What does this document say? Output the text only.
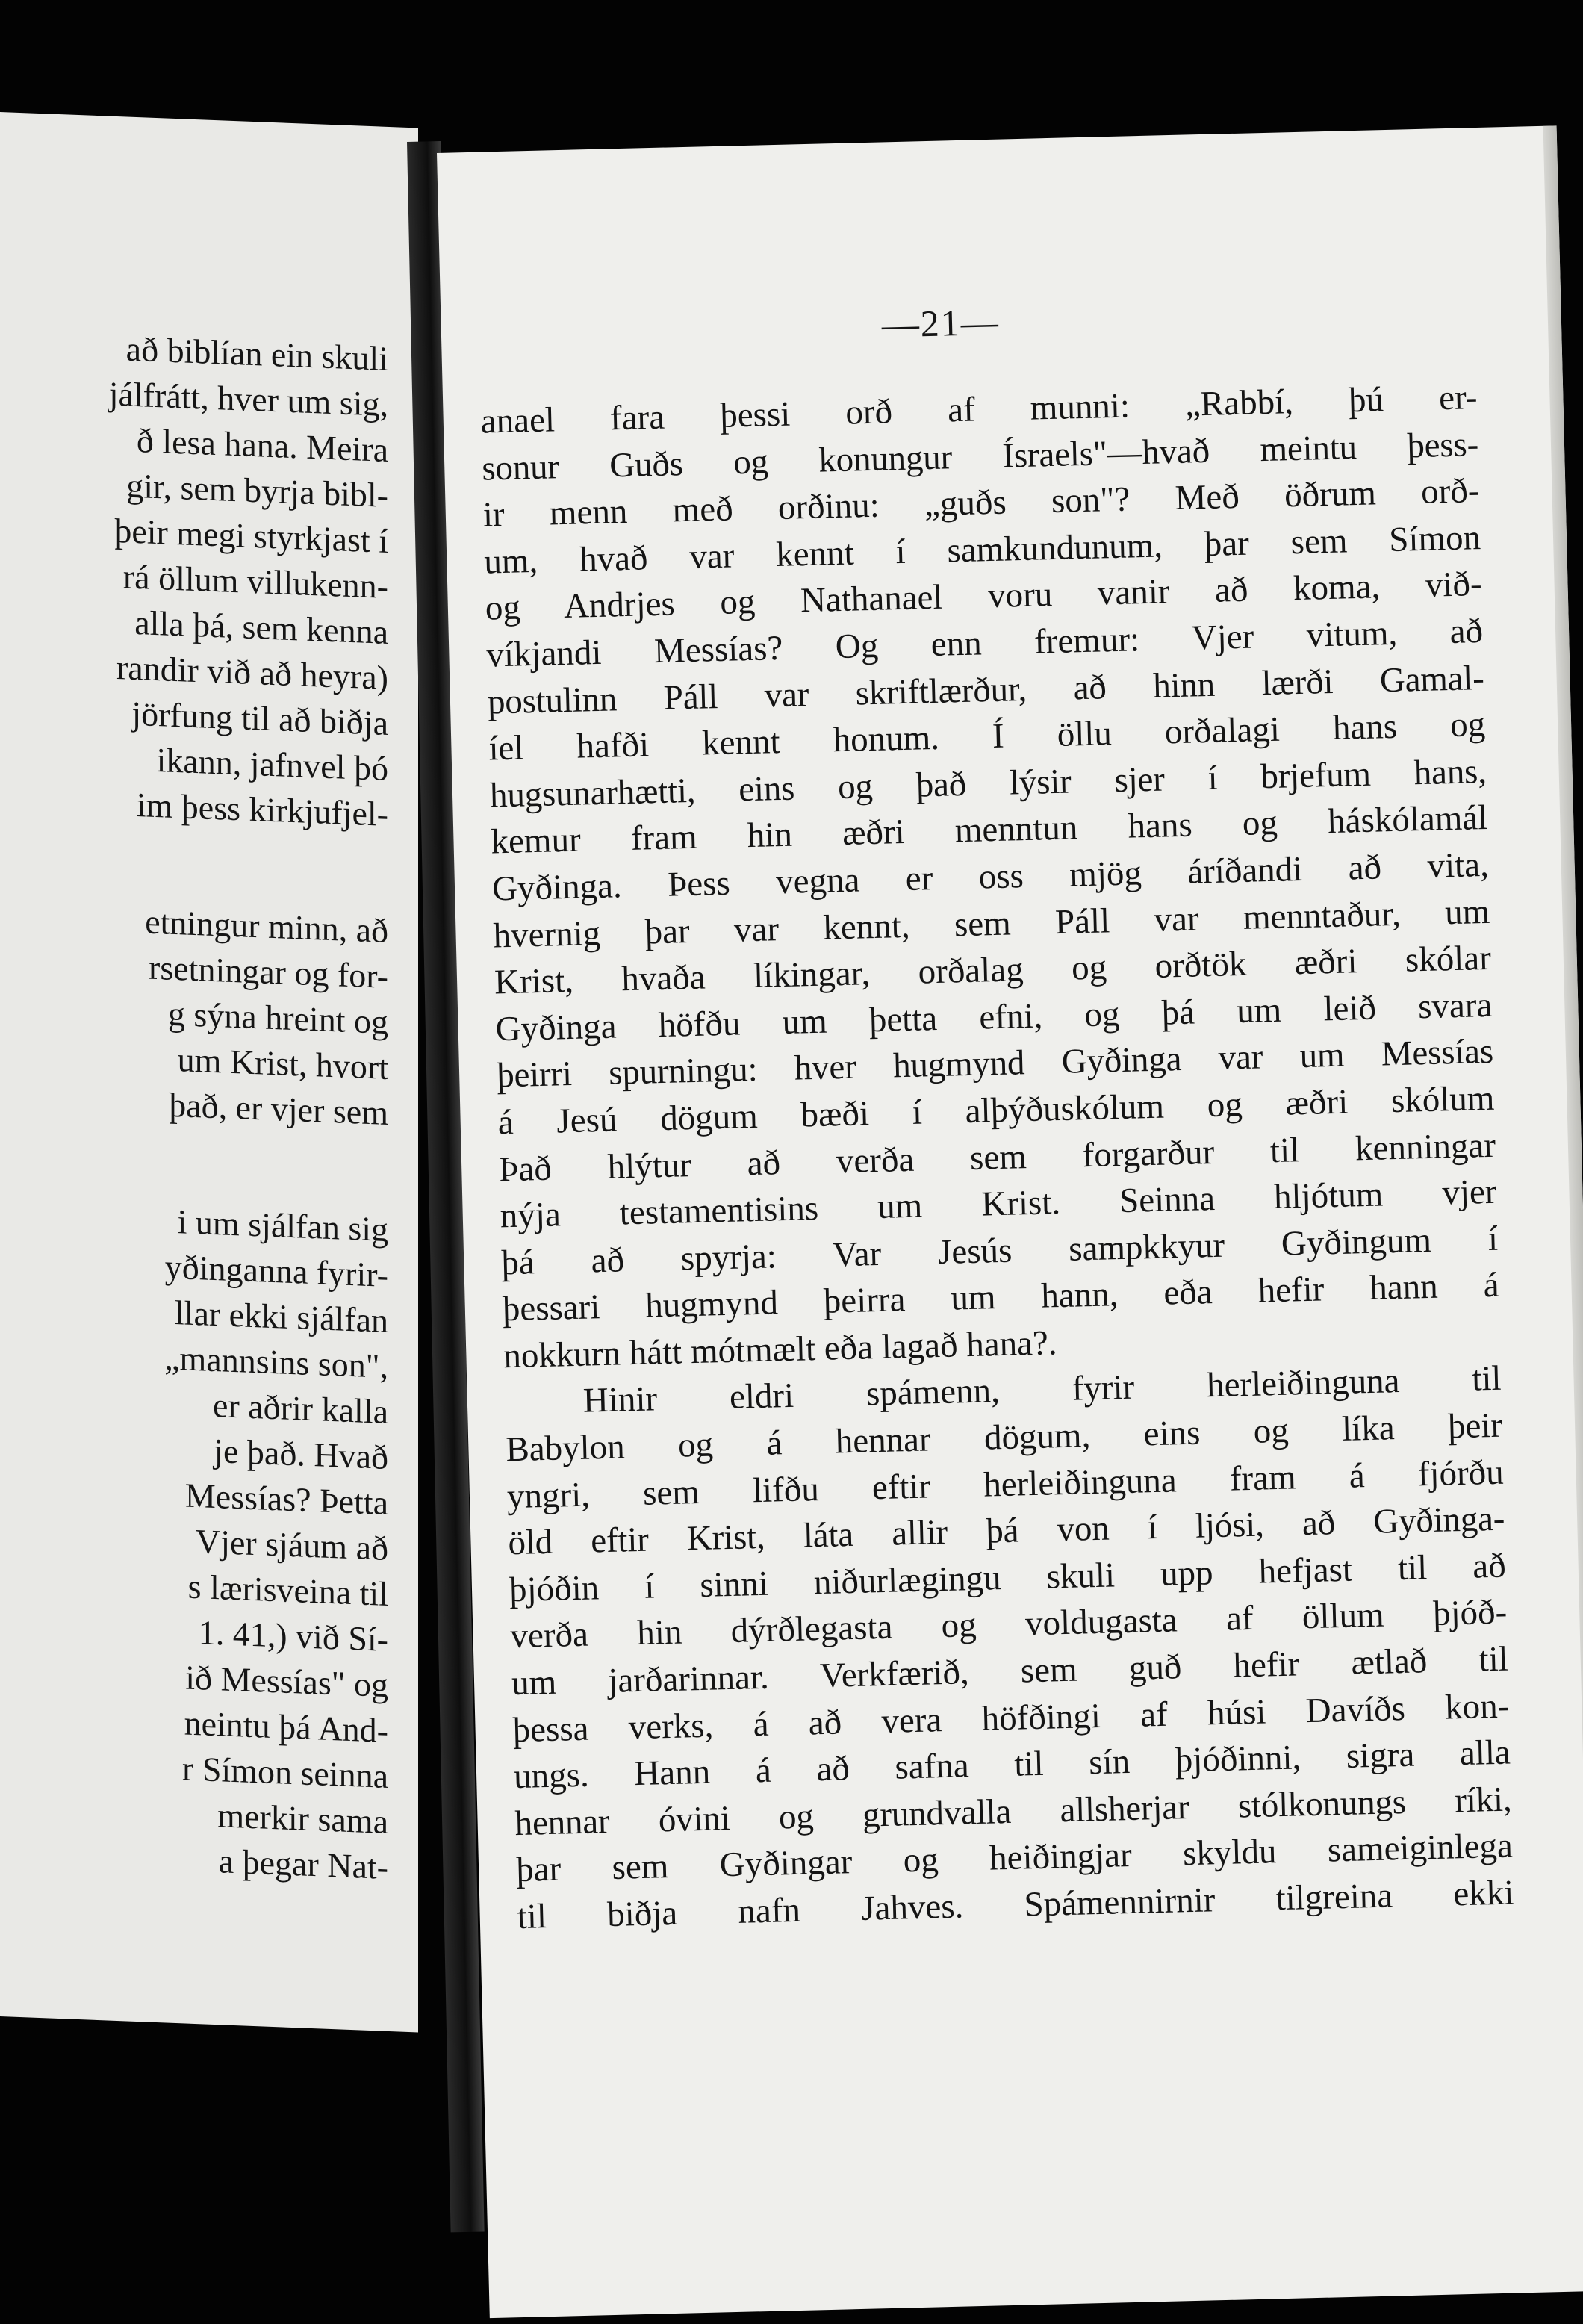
að biblían ein skuli
jálfrátt, hver um sig,
ð lesa hana. Meira
gir, sem byrja bibl-
þeir megi styrkjast í
rá öllum villukenn-
alla þá, sem kenna
randir við að heyra)
jörfung til að biðja
ikann, jafnvel þó
im þess kirkjufjel-
etningur minn, að
rsetningar og for-
g sýna hreint og
um Krist, hvort
það, er vjer sem
i um sjálfan sig
yðinganna fyrir-
llar ekki sjálfan
„mannsins son",
er aðrir kalla
je það. Hvað
Messías? Þetta
Vjer sjáum að
s lærisveina til
1. 41,) við Sí-
ið Messías" og
neintu þá And-
r Símon seinna
merkir sama
a þegar Nat-
—21—
anael fara þessi orð af munni: „Rabbí, þú er-
sonur Guðs og konungur Ísraels"—hvað meintu þess-
ir menn með orðinu: „guðs son"? Með öðrum orð-
um, hvað var kennt í samkundunum, þar sem Símon
og Andrjes og Nathanael voru vanir að koma, við-
víkjandi Messías? Og enn fremur: Vjer vitum, að
postulinn Páll var skriftlærður, að hinn lærði Gamal-
íel hafði kennt honum. Í öllu orðalagi hans og
hugsunarhætti, eins og það lýsir sjer í brjefum hans,
kemur fram hin æðri menntun hans og háskólamál
Gyðinga. Þess vegna er oss mjög áríðandi að vita,
hvernig þar var kennt, sem Páll var menntaður, um
Krist, hvaða líkingar, orðalag og orðtök æðri skólar
Gyðinga höfðu um þetta efni, og þá um leið svara
þeirri spurningu: hver hugmynd Gyðinga var um Messías
á Jesú dögum bæði í alþýðuskólum og æðri skólum
Það hlýtur að verða sem forgarður til kenningar
nýja testamentisins um Krist. Seinna hljótum vjer
þá að spyrja: Var Jesús sampkkyur Gyðingum í
þessari hugmynd þeirra um hann, eða hefir hann á
nokkurn hátt mótmælt eða lagað hana?.
Hinir eldri spámenn, fyrir herleiðinguna til
Babylon og á hennar dögum, eins og líka þeir
yngri, sem lifðu eftir herleiðinguna fram á fjórðu
öld eftir Krist, láta allir þá von í ljósi, að Gyðinga-
þjóðin í sinni niðurlægingu skuli upp hefjast til að
verða hin dýrðlegasta og voldugasta af öllum þjóð-
um jarðarinnar. Verkfærið, sem guð hefir ætlað til
þessa verks, á að vera höfðingi af húsi Davíðs kon-
ungs. Hann á að safna til sín þjóðinni, sigra alla
hennar óvini og grundvalla allsherjar stólkonungs ríki,
þar sem Gyðingar og heiðingjar skyldu sameiginlega
til biðja nafn Jahves. Spámennirnir tilgreina ekki
